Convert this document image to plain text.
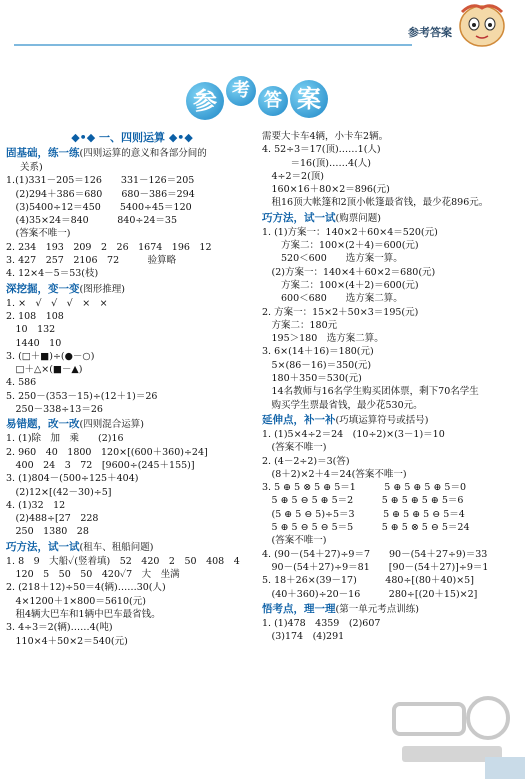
参考答案
参 考 答 案
◆•◆ 一、四则运算 ◆•◆
固基础，练一练(四则运算的意义和各部分间的
关系)
1.(1)331－205＝126　　331－126＝205
　(2)294＋386＝680　　680－386＝294
　(3)5400÷12＝450　　5400÷45＝120
　(4)35×24＝840　　　840÷24＝35
　(答案不唯一)
2. 234　193　209　2　26　1674　196　12
3. 427　257　2106　72　　　验算略
4. 12×4－5＝53(枝)
深挖掘，变一变(图形推理)
1. ×　√　√　√　×　×
2. 108　108
　10　132
　1440　10
3. (□＋■)÷(●－○)
　□＋△×(■－▲)
4. 586
5. 250－(353－15)÷(12＋1)＝26
　250－338÷13＝26
易错题，改一改(四则混合运算)
1. (1)除　加　乘　　(2)16
2. 960　40　1800　120×[(600＋360)÷24]
　400　24　3　72　[9600÷(245＋155)]
3. (1)804－(500÷125＋404)
　(2)12×[(42－30)÷5]
4. (1)32　12
　(2)488÷[27　228
　250　1380　28
巧方法，试一试(租车、租船问题)
1. 8　9　大船✓(竖着填)　52　420　2　50　408　4
　120　5　50　50　420✓7　大　坐满
2. (218＋12)÷50＝4(辆)……30(人)
　4×1200＋1×800＝5610(元)
　租4辆大巴车和1辆中巴车最省钱。
3. 4÷3＝2(辆)……4(吨)
　110×4＋50×2＝540(元)
需要大卡车4辆，小卡车2辆。
4. 52÷3＝17(顶)……1(人)
　　　＝16(顶)……4(人)
　4÷2＝2(顶)
　160×16＋80×2＝896(元)
　租16顶大帐篷和2顶小帐篷最省钱，最少花896元。
巧方法，试一试(购票问题)
1. (1)方案一：140×2＋60×4＝520(元)
　　方案二：100×(2＋4)＝600(元)
　　520＜600　　选方案一算。
　(2)方案一：140×4＋60×2＝680(元)
　　方案二：100×(4＋2)＝600(元)
　　600＜680　　选方案二算。
2. 方案一：15×2＋50×3＝195(元)
　方案二：180元
　195＞180　选方案二算。
3. 6×(14＋16)＝180(元)
　5×(86－16)＝350(元)
　180＋350＝530(元)
　14名教师与16名学生购买团体票，剩下70名学生
　购买学生票最省钱，最少花530元。
延伸点，补一补(巧填运算符号或括号)
1. (1)5×4÷2＝24　(10÷2)×(3－1)＝10
　(答案不唯一)
2. (4－2÷2)＝3(答)
　(8＋2)×2＋4＝24(答案不唯一)
3. 5 ⊕ 5 ⊗ 5 ⊕ 5＝1　　　5 ⊕ 5 ⊕ 5 ⊕ 5＝0
　5 ⊕ 5 ⊖ 5 ⊕ 5＝2　　　5 ⊕ 5 ⊕ 5 ⊕ 5＝6
　(5 ⊕ 5 ⊖ 5)÷5＝3　　　5 ⊕ 5 ⊕ 5 ⊖ 5＝4
　5 ⊕ 5 ⊖ 5 ⊖ 5＝5　　　5 ⊕ 5 ⊗ 5 ⊖ 5＝24
　(答案不唯一)
4. (90－(54＋27)÷9＝7　　90－(54＋27÷9)＝33
　90－(54＋27)÷9＝81　　[90－(54＋27)]÷9＝1
5. 18＋26×(39－17)　　　480÷[(80＋40)×5]
　(40＋360)÷20－16　　　280÷[(20＋15)×2]
悟考点，理一理(第一单元考点训练)
1. (1)478　4359　(2)607
　(3)174　(4)291
